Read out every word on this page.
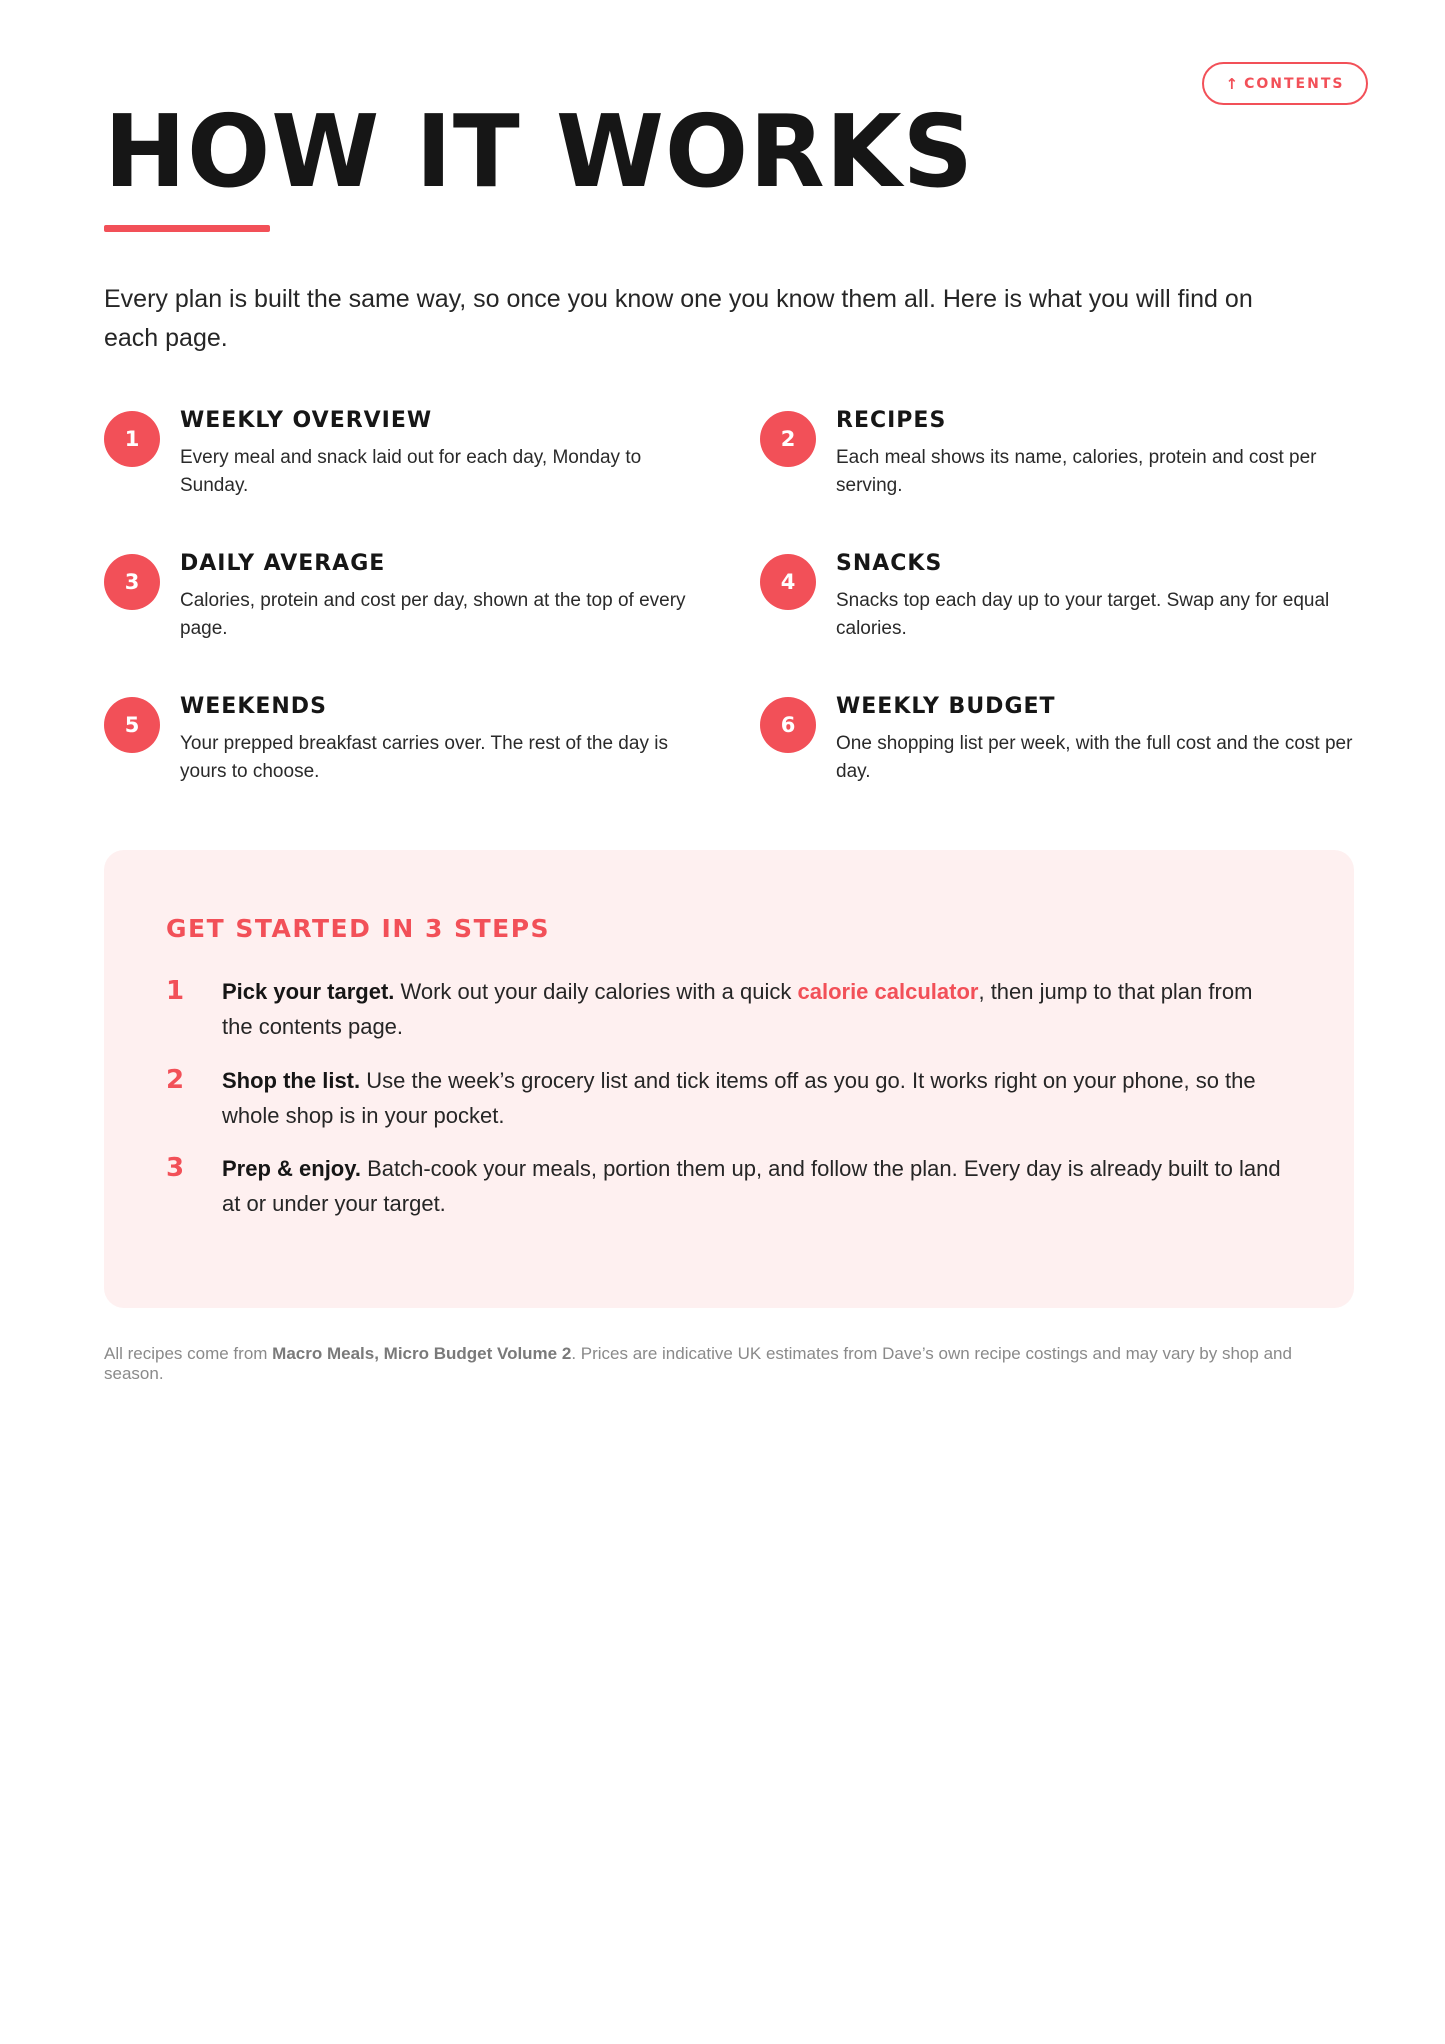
↑ CONTENTS
HOW IT WORKS

Every plan is built the same way, so once you know one you know them all. Here is what you will find on each page.

1
WEEKLY OVERVIEW

Every meal and snack laid out for each day, Monday to Sunday.

2
RECIPES

Each meal shows its name, calories, protein and cost per serving.

3
DAILY AVERAGE

Calories, protein and cost per day, shown at the top of every page.

4
SNACKS

Snacks top each day up to your target. Swap any for equal calories.

5
WEEKENDS

Your prepped breakfast carries over. The rest of the day is yours to choose.

6
WEEKLY BUDGET

One shopping list per week, with the full cost and the cost per day.

GET STARTED IN 3 STEPS
1 Pick your target. Work out your daily calories with a quick calorie calculator, then jump to that plan from the contents page.

2 Shop the list. Use the week’s grocery list and tick items off as you go. It works right on your phone, so the whole shop is in your pocket.

3 Prep & enjoy. Batch-cook your meals, portion them up, and follow the plan. Every day is already built to land at or under your target.

All recipes come from Macro Meals, Micro Budget Volume 2. Prices are indicative UK estimates from Dave’s own recipe costings and may vary by shop and season.
